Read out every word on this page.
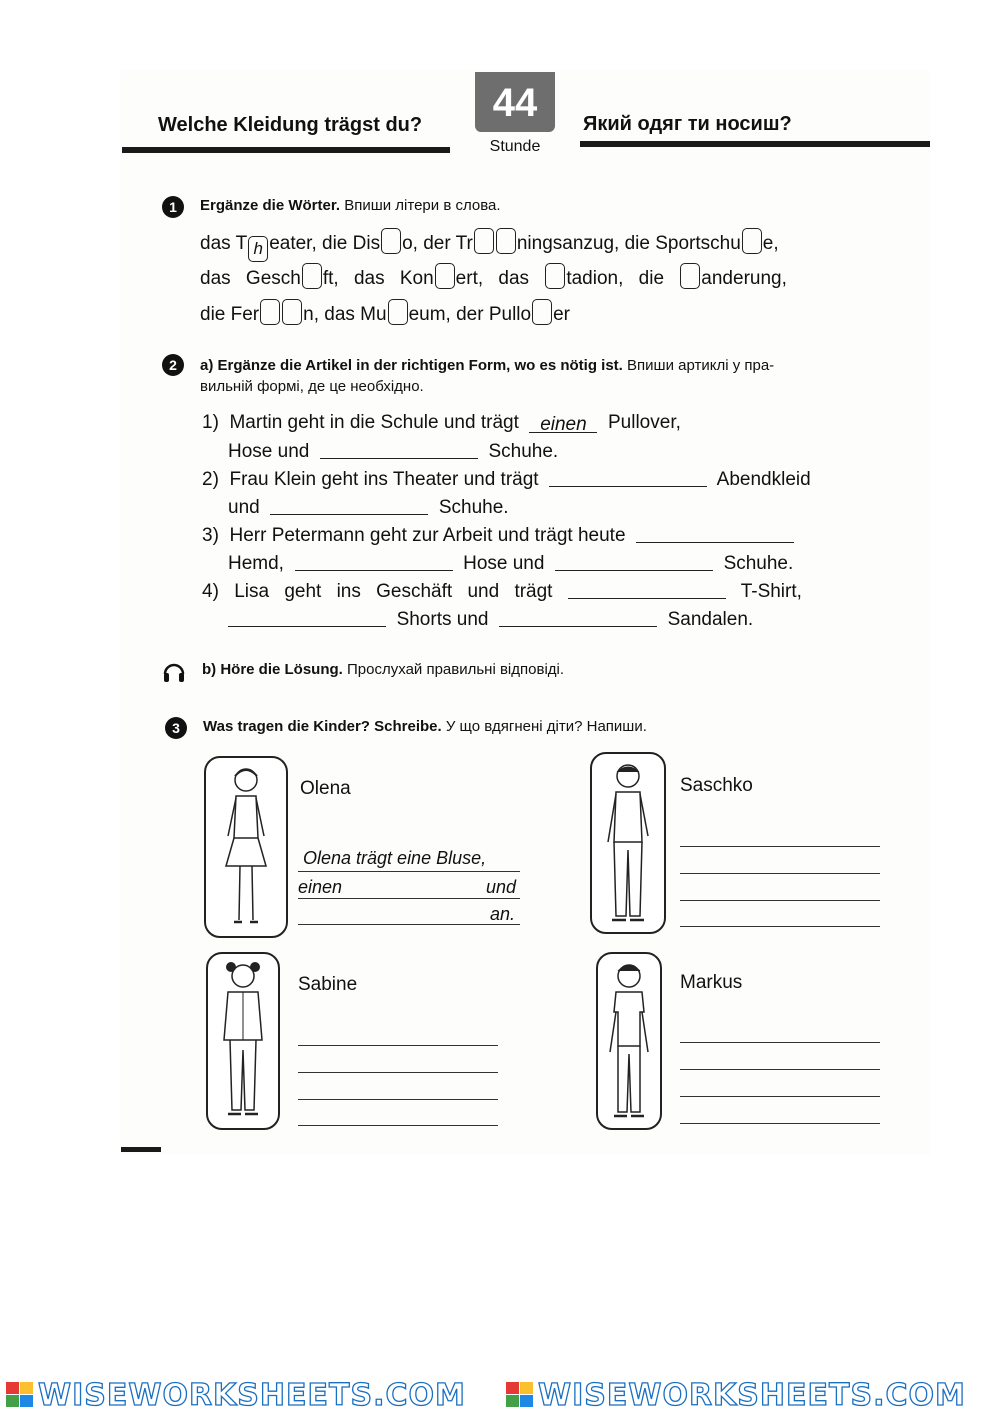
Welche Kleidung trägst du?	44
Stunde
Який одяг ти носиш?
1	Ergänze die Wörter. Впиши літери в слова.
das T h eater, die Dis o, der Tr ningsanzug, die Sportschu e,
das Gesch ft, das Kon ert, das tadion, die anderung,
die Fer n, das Mu eum, der Pullo er
2	a) Ergänze die Artikel in der richtigen Form, wo es nötig ist. Впиши артиклі у пра-
вильній формі, де це необхідно.
1) Martin geht in die Schule und trägt einen Pullover,
Hose und	Schuhe.
2) Frau Klein geht ins Theater und trägt	Abendkleid
und	Schuhe.
3) Herr Petermann geht zur Arbeit und trägt heute
Hemd,	Hose und	Schuhe.
4) Lisa geht ins Geschäft und trägt	T-Shirt,
Shorts und	Sandalen.
b) Höre die Lösung. Прослухай правильні відповіді.
3	Was tragen die Kinder? Schreibe. У що вдягнені діти? Напиши.
Olena
Olena trägt eine Bluse,
einen	und
an.
Saschko
Sabine	Markus
WISEWORKSHEETS.COM WISEWORKSHEETS.COM
